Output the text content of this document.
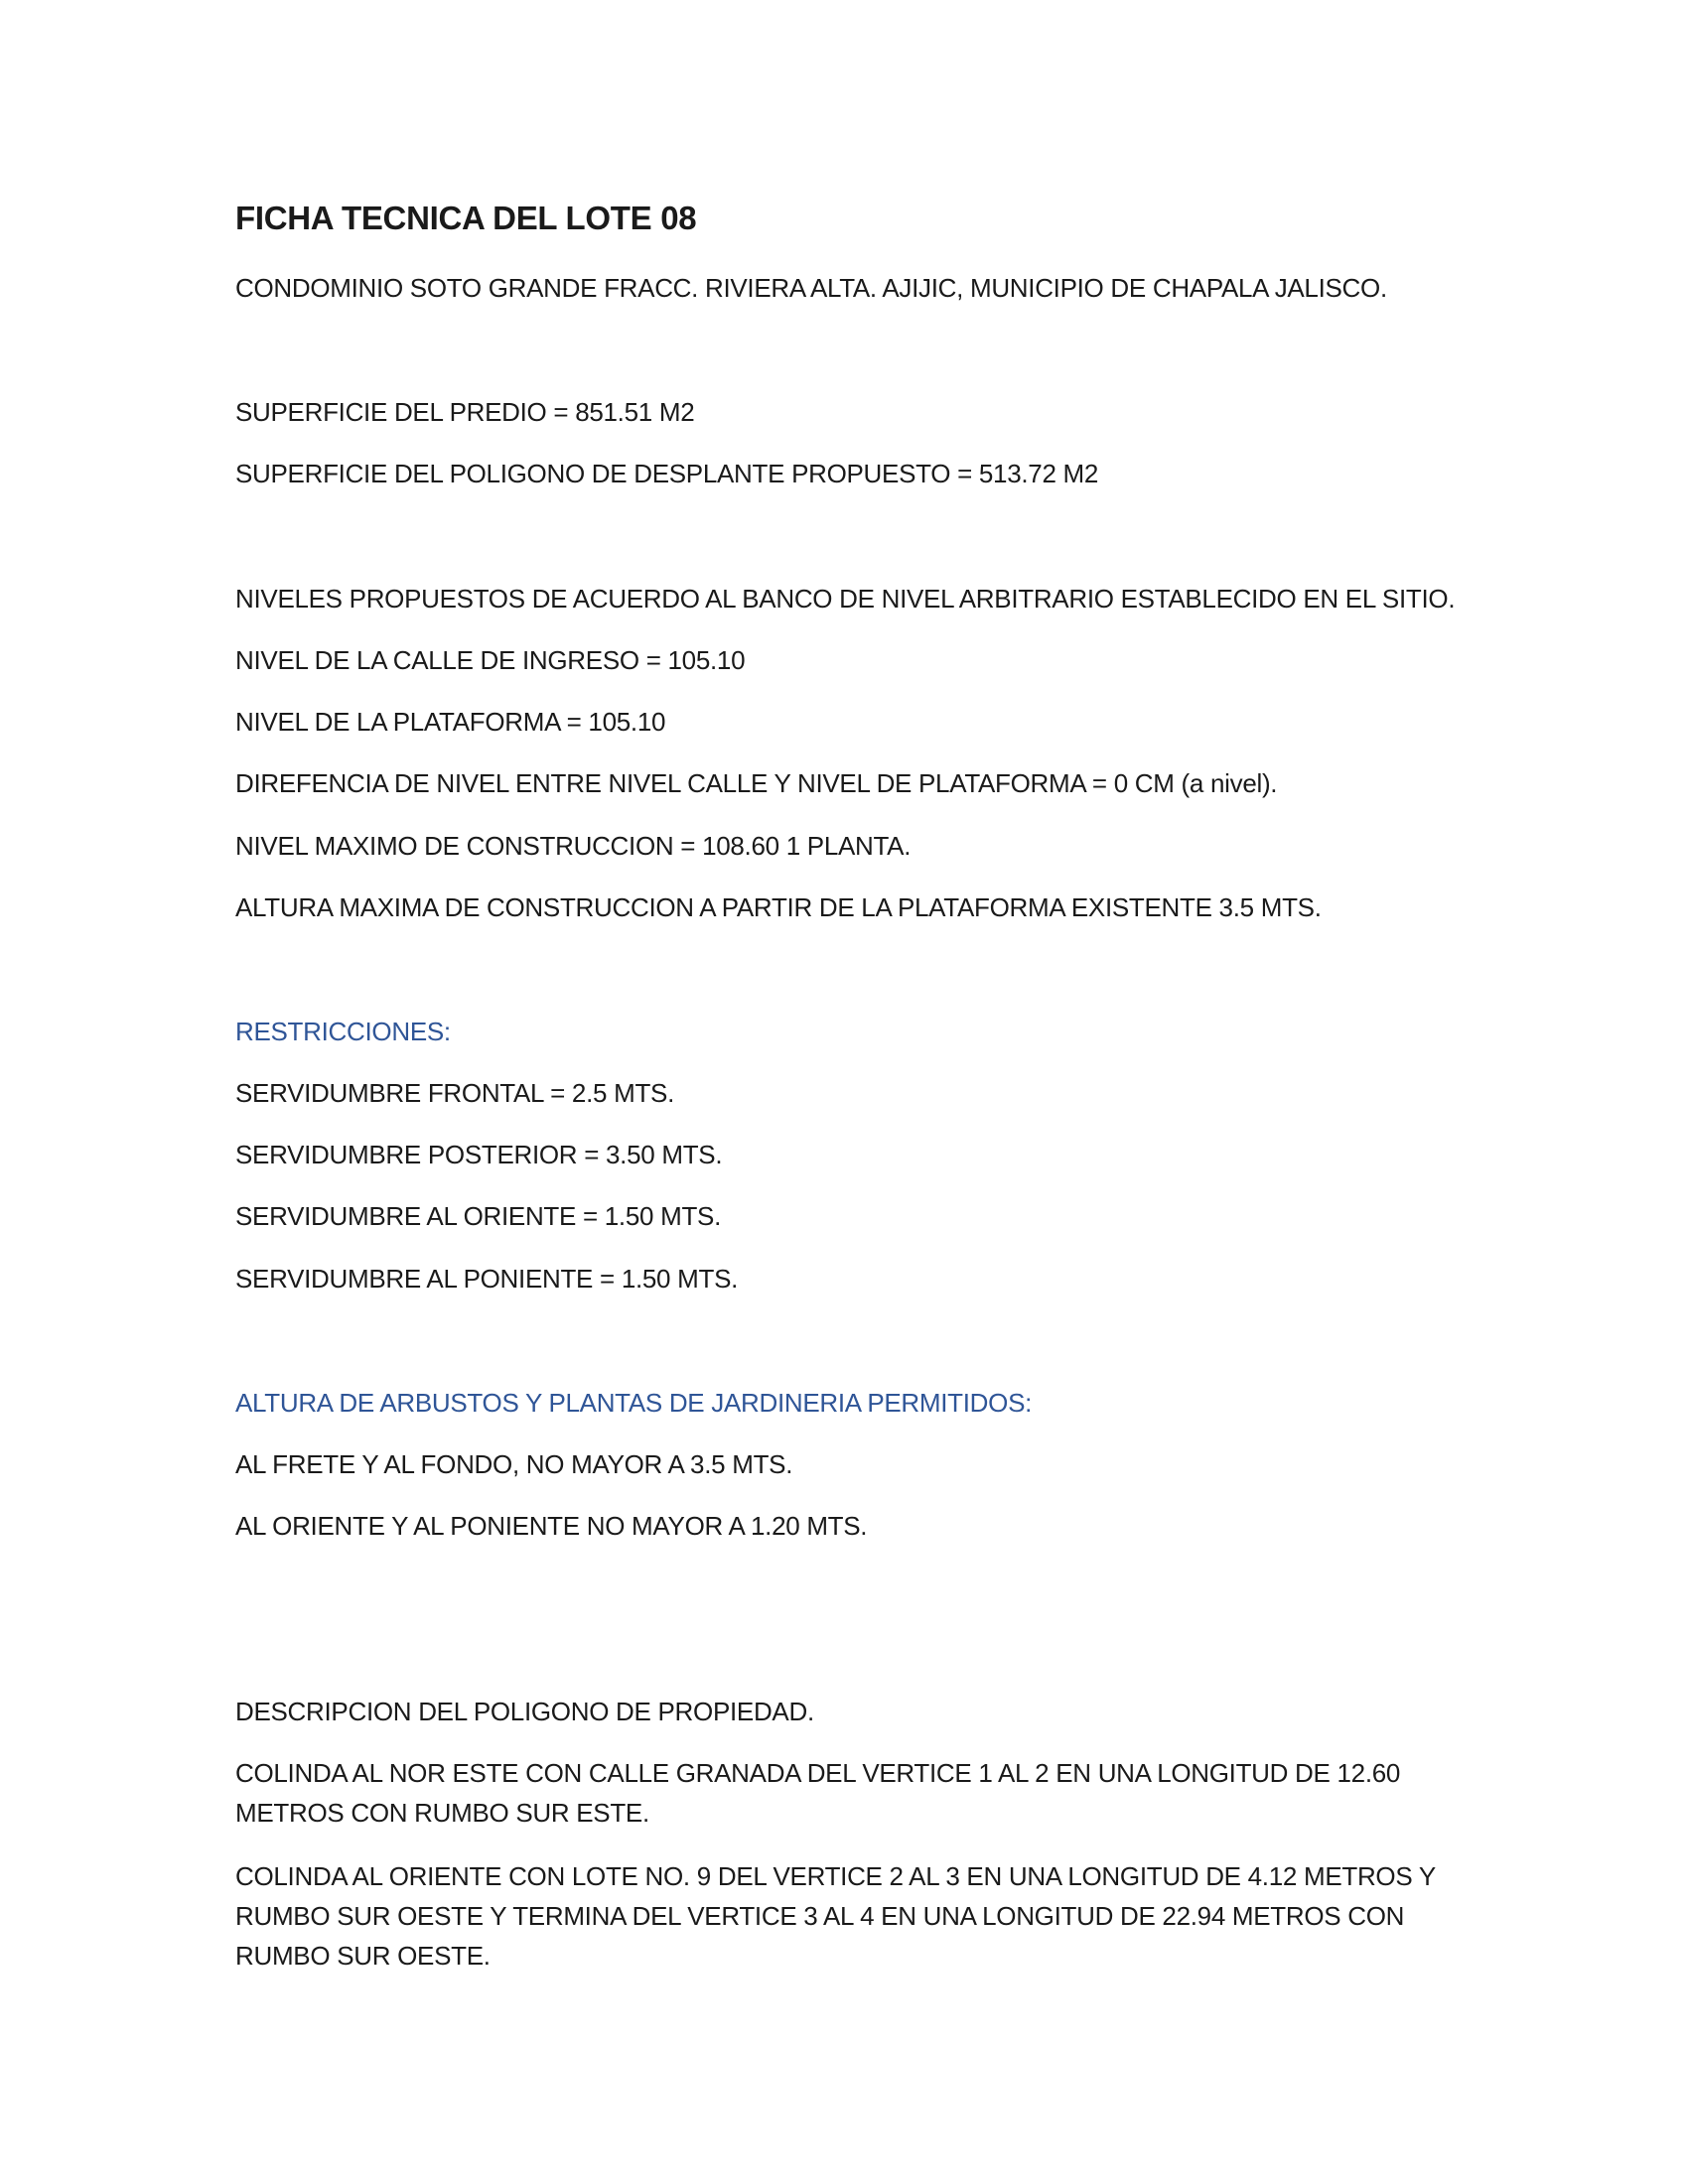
FICHA TECNICA DEL LOTE 08
CONDOMINIO SOTO GRANDE FRACC. RIVIERA ALTA. AJIJIC, MUNICIPIO DE CHAPALA JALISCO.
SUPERFICIE DEL PREDIO = 851.51 M2
SUPERFICIE DEL POLIGONO DE DESPLANTE PROPUESTO = 513.72 M2
NIVELES PROPUESTOS DE ACUERDO AL BANCO DE NIVEL ARBITRARIO ESTABLECIDO EN EL SITIO.
NIVEL DE LA CALLE DE INGRESO = 105.10
NIVEL DE LA PLATAFORMA = 105.10
DIREFENCIA DE NIVEL ENTRE NIVEL CALLE Y NIVEL DE PLATAFORMA = 0 CM (a nivel).
NIVEL MAXIMO DE CONSTRUCCION = 108.60 1 PLANTA.
ALTURA MAXIMA DE CONSTRUCCION A PARTIR DE LA PLATAFORMA EXISTENTE 3.5 MTS.
RESTRICCIONES:
SERVIDUMBRE FRONTAL = 2.5 MTS.
SERVIDUMBRE POSTERIOR = 3.50 MTS.
SERVIDUMBRE AL ORIENTE = 1.50 MTS.
SERVIDUMBRE AL PONIENTE = 1.50 MTS.
ALTURA DE ARBUSTOS Y PLANTAS DE JARDINERIA PERMITIDOS:
AL FRETE Y AL FONDO, NO MAYOR A 3.5 MTS.
AL ORIENTE Y AL PONIENTE NO MAYOR A 1.20 MTS.
DESCRIPCION DEL POLIGONO DE PROPIEDAD.
COLINDA AL NOR ESTE CON CALLE GRANADA DEL VERTICE 1 AL 2 EN UNA LONGITUD DE 12.60 METROS CON RUMBO SUR ESTE.
COLINDA AL ORIENTE CON LOTE NO. 9 DEL VERTICE 2 AL 3 EN UNA LONGITUD DE 4.12 METROS Y RUMBO SUR OESTE Y TERMINA DEL VERTICE 3 AL 4 EN UNA LONGITUD DE 22.94 METROS CON RUMBO SUR OESTE.
